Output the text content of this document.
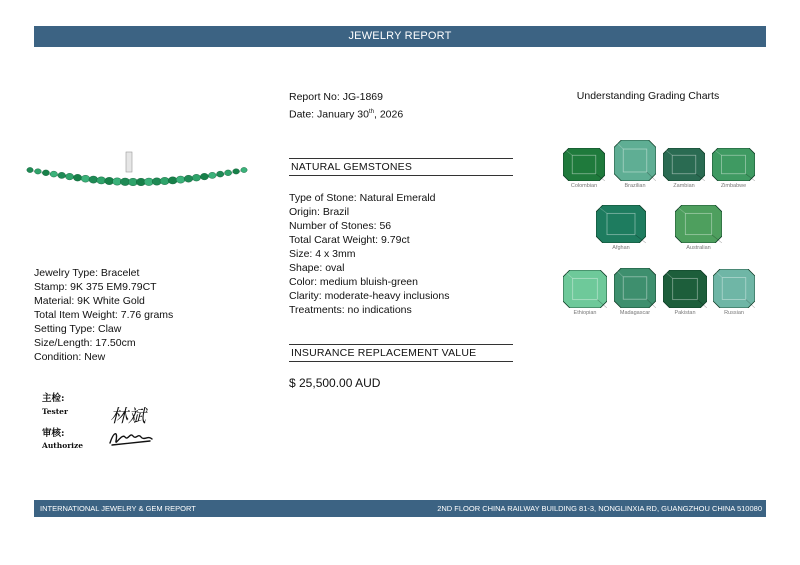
JEWELRY REPORT
Report No: JG-1869
Date: January 30th, 2026
Jewelry Type: Bracelet
Stamp: 9K 375 EM9.79CT
Material: 9K White Gold
Total Item Weight: 7.76 grams
Setting Type: Claw
Size/Length: 17.50cm
Condition: New
主检:
Tester
审核:
Authorize
林斌
NATURAL GEMSTONES
Type of Stone: Natural Emerald
Origin: Brazil
Number of Stones: 56
Total Carat Weight: 9.79ct
Size: 4 x 3mm
Shape: oval
Color: medium bluish-green
Clarity: moderate-heavy inclusions
Treatments: no indications
INSURANCE REPLACEMENT VALUE
$ 25,500.00 AUD
Understanding Grading Charts
Colombian	Brazilian	Zambian	Zimbabwe
Afghan	Australian
Ethiopian	Madagascar	Pakistan	Russian
INTERNATIONAL JEWELRY & GEM REPORT	2ND FLOOR CHINA RAILWAY BUILDING 81-3, NONGLINXIA RD, GUANGZHOU CHINA 510080
